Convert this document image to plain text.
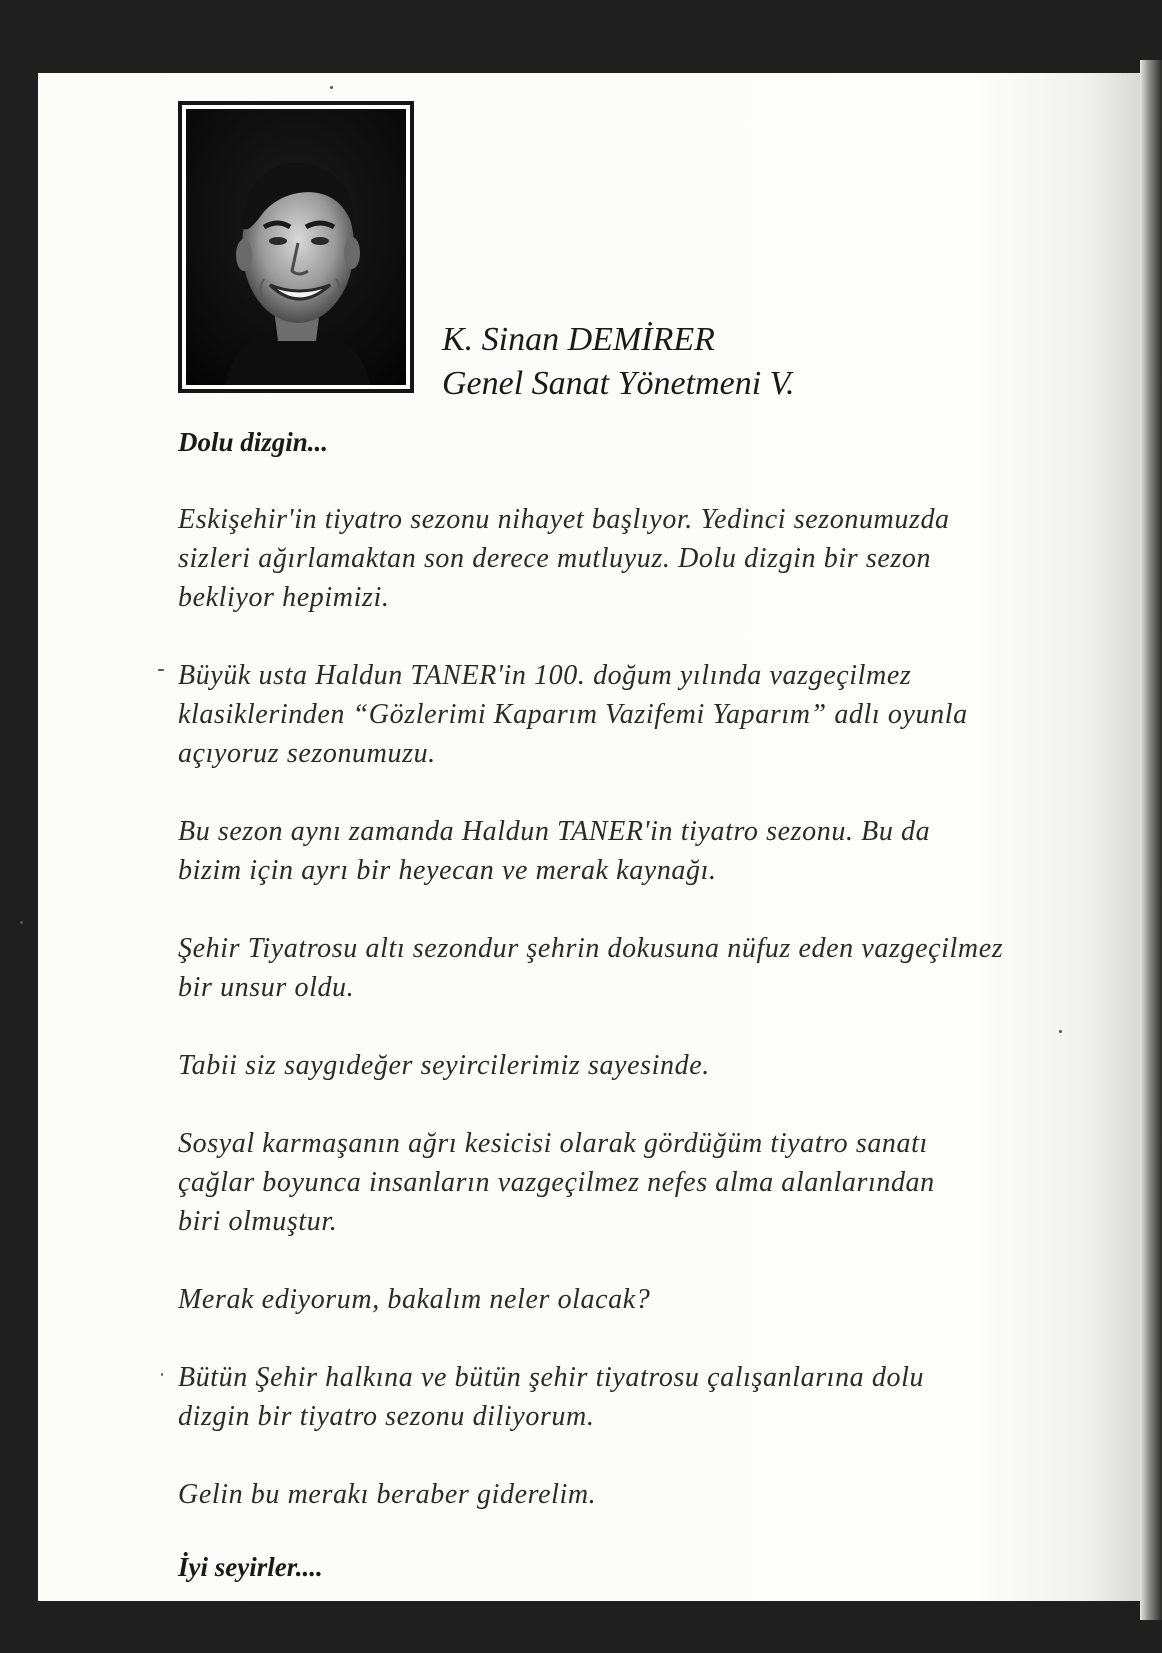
K. Sinan DEMİRER
Genel Sanat Yönetmeni V.
Dolu dizgin...

Eskişehir'in tiyatro sezonu nihayet başlıyor. Yedinci sezonumuzda
sizleri ağırlamaktan son derece mutluyuz. Dolu dizgin bir sezon
bekliyor hepimizi.

Büyük usta Haldun TANER'in 100. doğum yılında vazgeçilmez
klasiklerinden “Gözlerimi Kaparım Vazifemi Yaparım” adlı oyunla
açıyoruz sezonumuzu.

Bu sezon aynı zamanda Haldun TANER'in tiyatro sezonu. Bu da
bizim için ayrı bir heyecan ve merak kaynağı.

Şehir Tiyatrosu altı sezondur şehrin dokusuna nüfuz eden vazgeçilmez
bir unsur oldu.

Tabii siz saygıdeğer seyircilerimiz sayesinde.

Sosyal karmaşanın ağrı kesicisi olarak gördüğüm tiyatro sanatı
çağlar boyunca insanların vazgeçilmez nefes alma alanlarından
biri olmuştur.

Merak ediyorum, bakalım neler olacak?

Bütün Şehir halkına ve bütün şehir tiyatrosu çalışanlarına dolu
dizgin bir tiyatro sezonu diliyorum.

Gelin bu merakı beraber giderelim.

İyi seyirler....
